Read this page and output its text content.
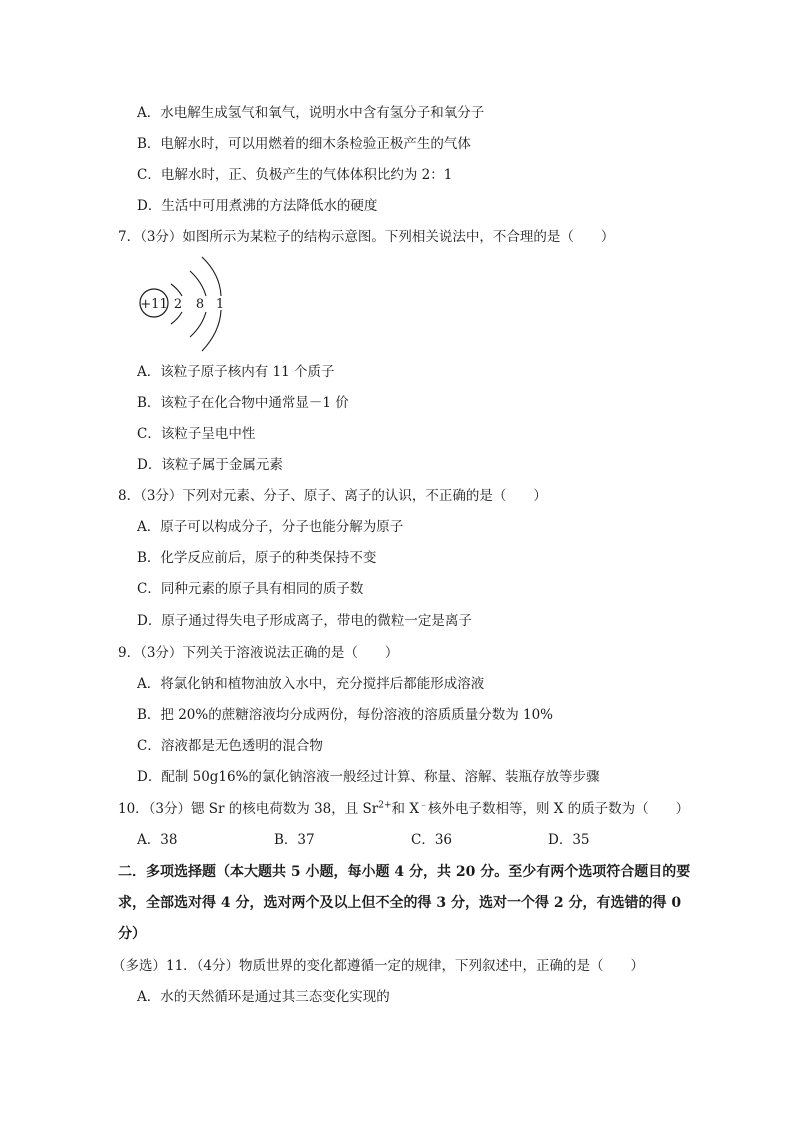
A．水电解生成氢气和氧气，说明水中含有氢分子和氧分子
B．电解水时，可以用燃着的细木条检验正极产生的气体
C．电解水时，正、负极产生的气体体积比约为 2：1
D．生活中可用煮沸的方法降低水的硬度
7．（3分）如图所示为某粒子的结构示意图。下列相关说法中，不合理的是（　　）
+11 2 8 1
A．该粒子原子核内有 11 个质子
B．该粒子在化合物中通常显－1 价
C．该粒子呈电中性
D．该粒子属于金属元素
8．（3分）下列对元素、分子、原子、离子的认识，不正确的是（　　）
A．原子可以构成分子，分子也能分解为原子
B．化学反应前后，原子的种类保持不变
C．同种元素的原子具有相同的质子数
D．原子通过得失电子形成离子，带电的微粒一定是离子
9．（3分）下列关于溶液说法正确的是（　　）
A．将氯化钠和植物油放入水中，充分搅拌后都能形成溶液
B．把 20%的蔗糖溶液均分成两份，每份溶液的溶质质量分数为 10%
C．溶液都是无色透明的混合物
D．配制 50g16%的氯化钠溶液一般经过计算、称量、溶解、装瓶存放等步骤
10．（3分）锶 Sr 的核电荷数为 38，且 $Sr^{2+}$和 X﹣核外电子数相等，则 X 的质子数为（　　）
A．38	B．37	C．36	D．35
二．多项选择题（本大题共 5 小题，每小题 4 分，共 20 分。至少有两个选项符合题目的要
求，全部选对得 4 分，选对两个及以上但不全的得 3 分，选对一个得 2 分，有选错的得 0
分）
（多选）11．（4分）物质世界的变化都遵循一定的规律，下列叙述中，正确的是（　　）
A．水的天然循环是通过其三态变化实现的
